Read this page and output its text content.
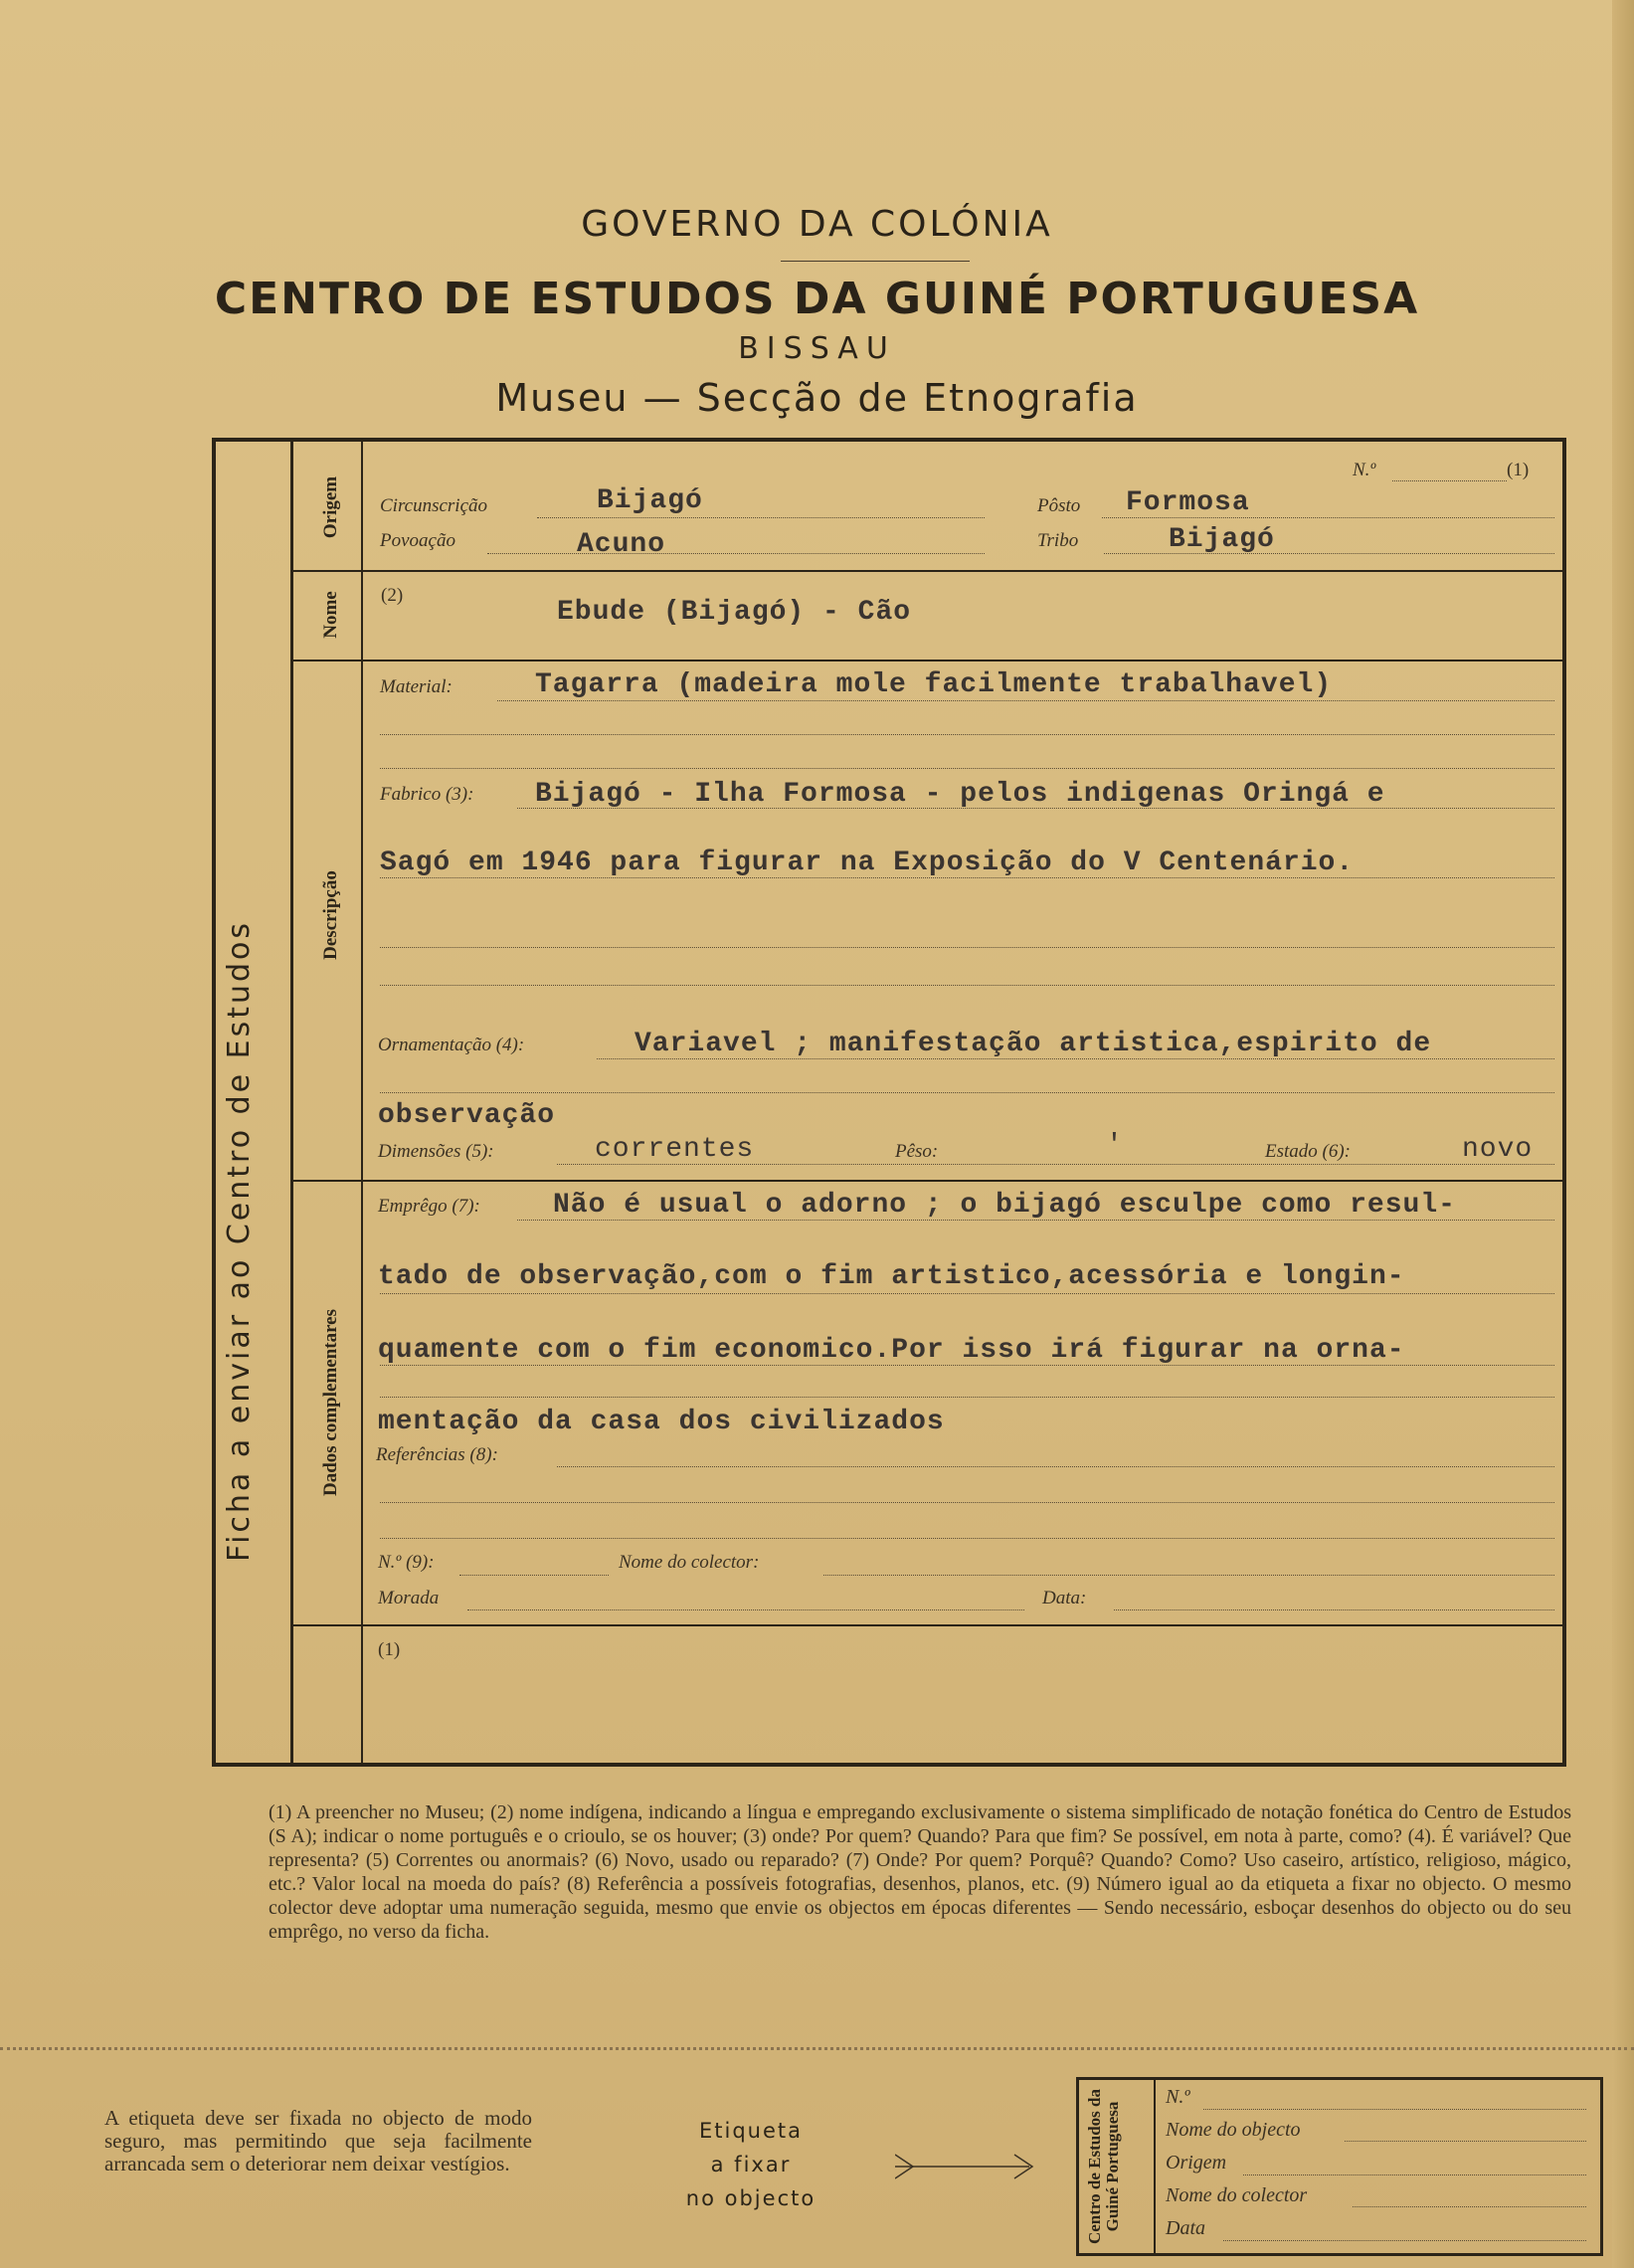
GOVERNO DA COLÓNIA
CENTRO DE ESTUDOS DA GUINÉ PORTUGUESA
BISSAU
Museu — Secção de Etnografia
Ficha a enviar ao Centro de Estudos
Origem
Nome
Descripção
Dados complementares
N.º	(1)
Circunscrição	Bijagó	Pôsto Formosa
Povoação	Acuno	Tribo	Bijagó
(2)
Ebude (Bijagó) - Cão
Material:	Tagarra (madeira mole facilmente trabalhavel)
Fabrico (3): Bijagó - Ilha Formosa - pelos indigenas Oringá e
Sagó em 1946 para figurar na Exposição do V Centenário.
Ornamentação (4):	Variavel ; manifestação artistica,espirito de
observação
Dimensões (5):	correntes	Pêso:	'	Estado (6):	novo
Emprêgo (7):	Não é usual o adorno ; o bijagó esculpe como resul-
tado de observação,com o fim artistico,acessória e longin-
quamente com o fim economico.Por isso irá figurar na orna-
mentação da casa dos civilizados
Referências (8):
N.º (9):	Nome do colector:
Morada	Data:
(1)
(1) A preencher no Museu; (2) nome indígena, indicando a língua e empregando exclusivamente o sistema simplificado de notação fonética do Centro de Estudos (S A); indicar o nome português e o crioulo, se os houver; (3) onde? Por quem? Quando? Para que fim? Se possível, em nota à parte, como? (4). É variável? Que representa? (5) Correntes ou anormais? (6) Novo, usado ou reparado? (7) Onde? Por quem? Porquê? Quando? Como? Uso caseiro, artístico, religioso, mágico, etc.? Valor local na moeda do país? (8) Referência a possíveis fotografias, desenhos, planos, etc. (9) Número igual ao da etiqueta a fixar no objecto. O mesmo colector deve adoptar uma numeração seguida, mesmo que envie os objectos em épocas diferentes — Sendo necessário, esboçar desenhos do objecto ou do seu emprêgo, no verso da ficha.
A etiqueta deve ser fixada no objecto de modo seguro, mas permitindo que seja facilmente arrancada sem o deteriorar nem deixar vestígios.
Etiqueta
a fixar
no objecto	Centro de Estudos da Guiné Portuguesa
N.º
Nome do objecto
Origem
Nome do colector
Data
